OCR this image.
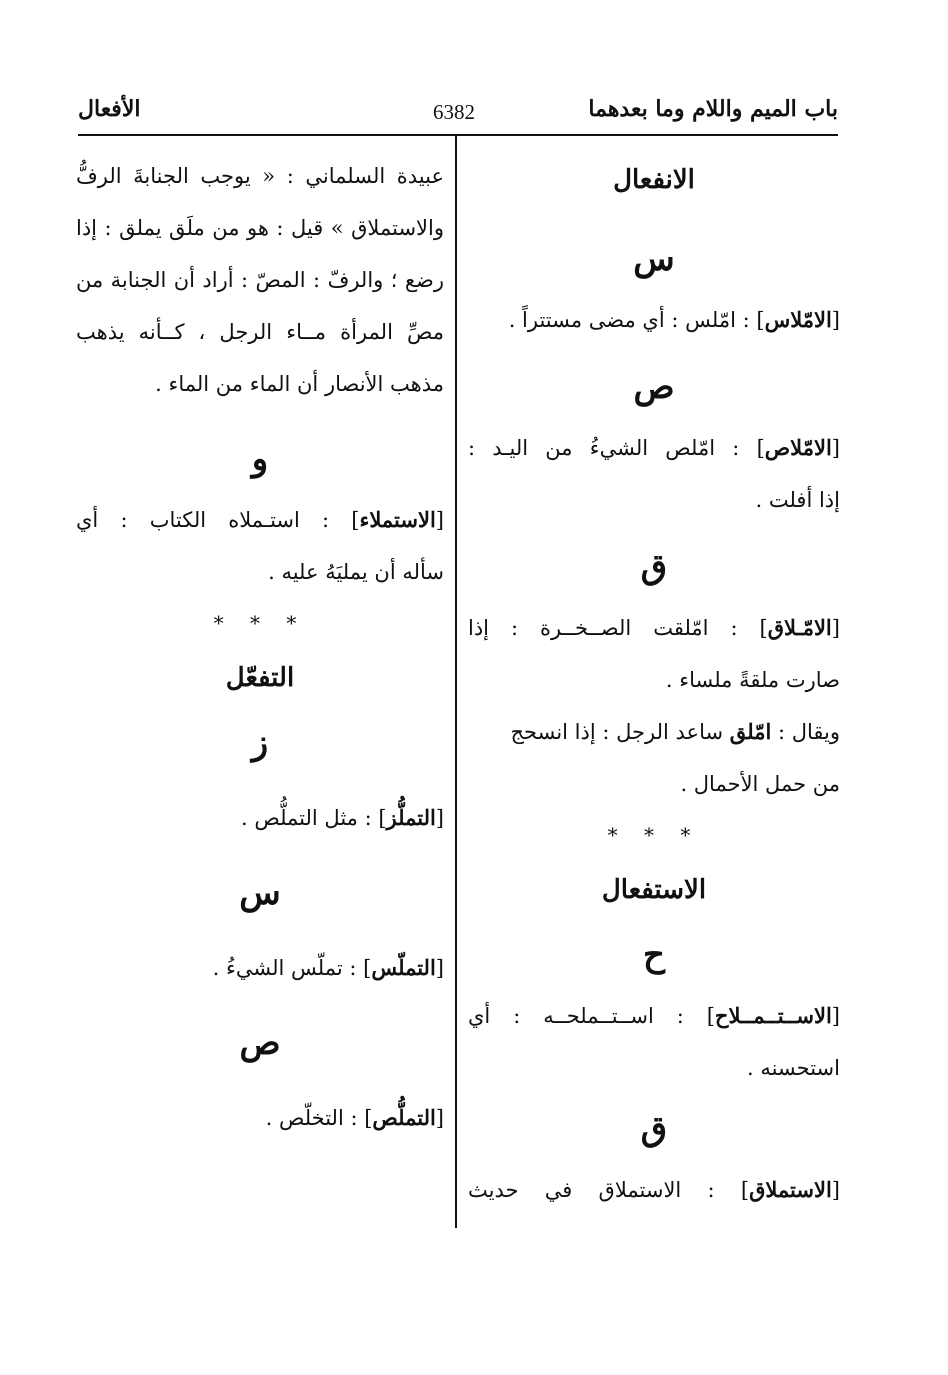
الأفعال	6382	باب الميم واللام وما بعدهما
الانفعال
س
[الامّلاس] : امّلس : أي مضى مستتراً .
ص
[الامّلاص] : امّلص الشيءُ من اليـد :
إذا أفلت .
ق
[الامّـلاق] : امّلقت الصــخــرة : إذا
صارت ملقةً ملساء .
ويقال : امّلق ساعد الرجل : إذا انسحج
من حمل الأحمال .
* * *
الاستفعال
ح
[الاســتــمــلاح] : اســتــملحــه : أي
استحسنه .
ق
[الاستملاق] : الاستملاق في حديث
عبيدة السلماني : « يوجب الجنابةَ الرفُّ
والاستملاق » قيل : هو من ملَق يملق : إذا
رضع ؛ والرفّ : المصّ : أراد أن الجنابة من
مصِّ المرأة مــاء الرجل ، كــأنه يذهب
مذهب الأنصار أن الماء من الماء .
و
[الاستملاء] : استـملاه الكتاب : أي
سأله أن يمليَهُ عليه .
* * *
التفعّل
ز
[التملُّز] : مثل التملُّص .
س
[التملّس] : تملّس الشيءُ .
ص
[التملُّص] : التخلّص .
